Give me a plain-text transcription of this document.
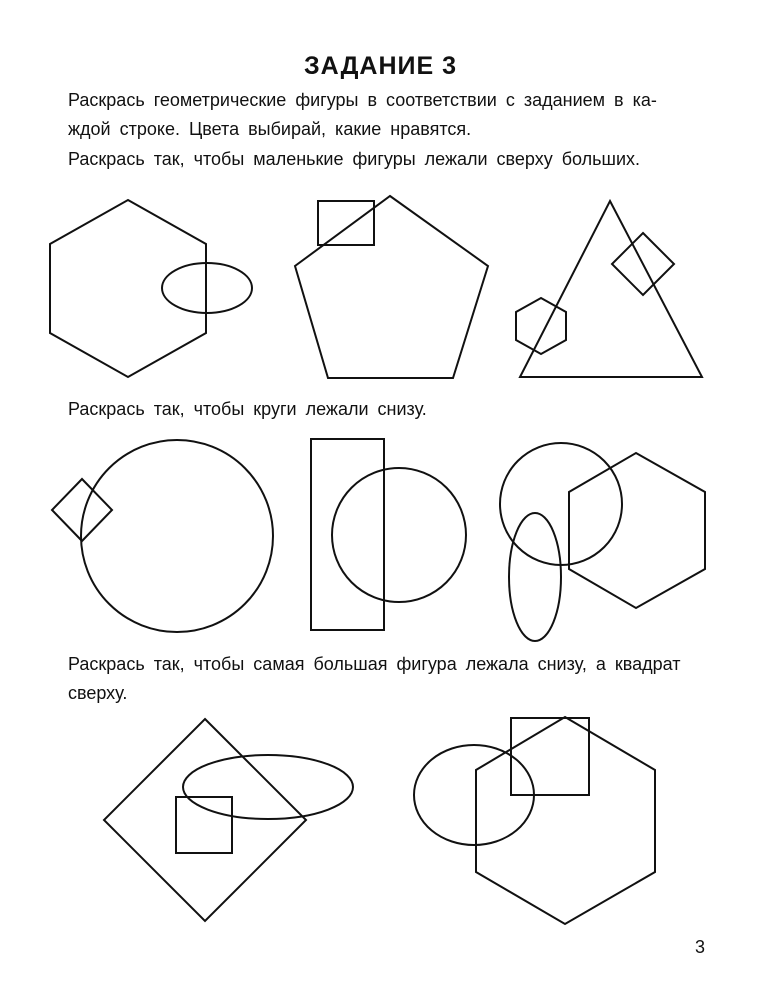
ЗАДАНИЕ 3
Раскрась геометрические фигуры в соответствии с заданием в ка-
ждой строке. Цвета выбирай, какие нравятся.
Раскрась так, чтобы маленькие фигуры лежали сверху больших.
Раскрась так, чтобы круги лежали снизу.
Раскрась так, чтобы самая большая фигура лежала снизу, а квадрат
сверху.
3
